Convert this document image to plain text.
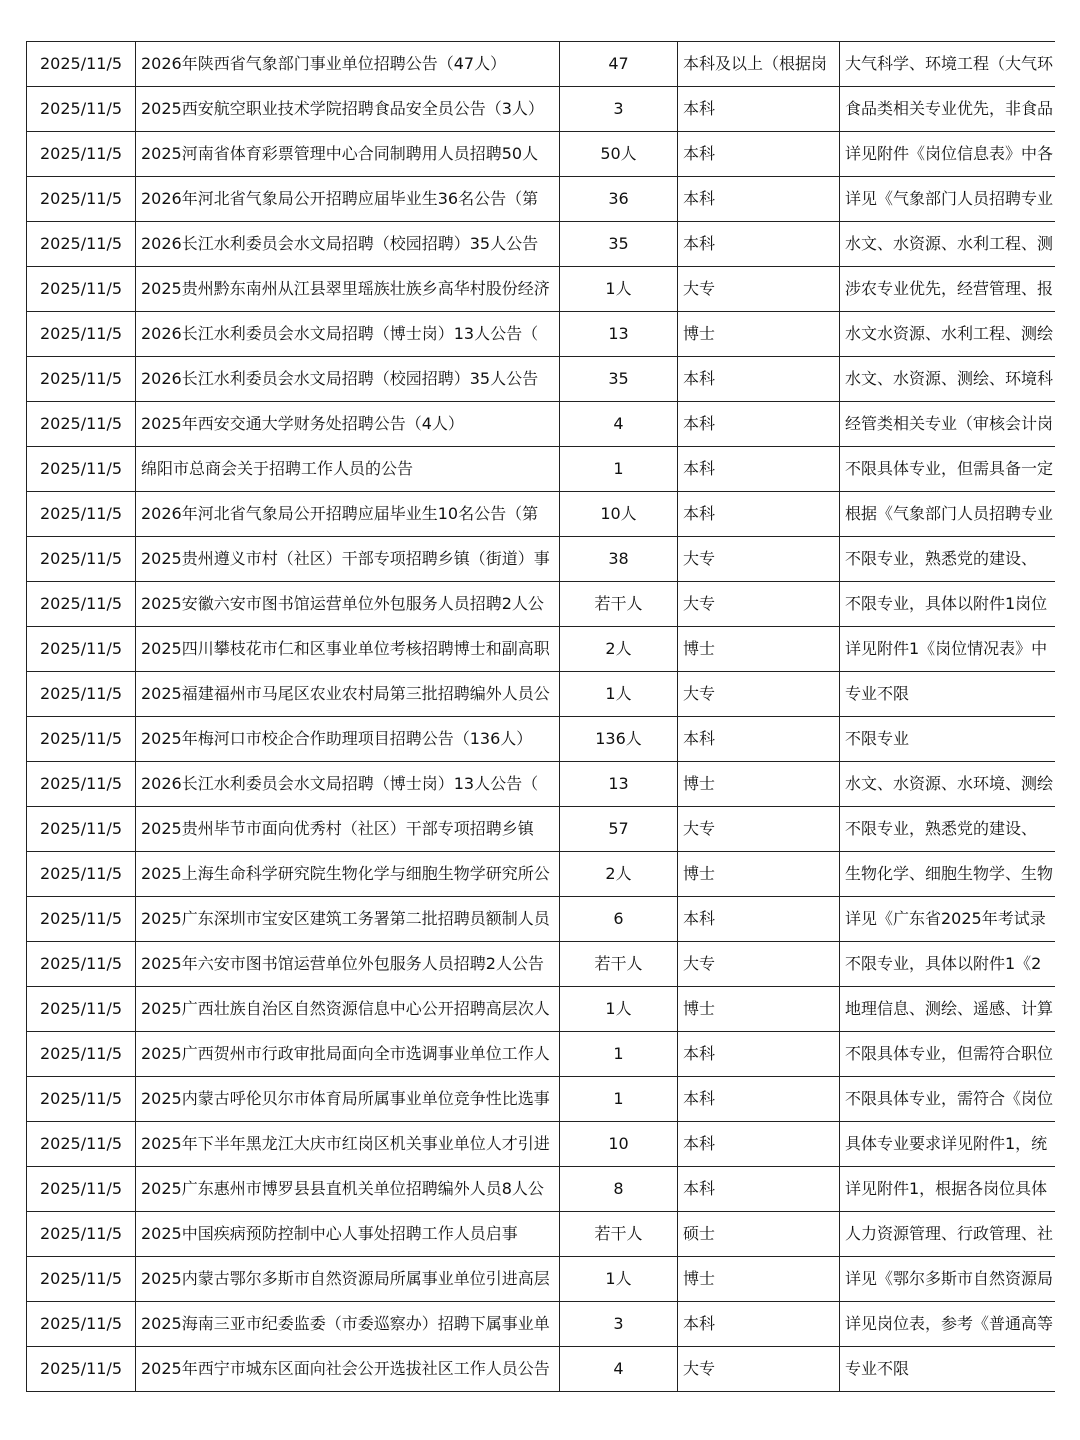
2025/11/5	2026年陕西省气象部门事业单位招聘公告（47人）	47	本科及以上（根据岗	大气科学、环境工程（大气环
2025/11/5	2025西安航空职业技术学院招聘食品安全员公告（3人）	3	本科	食品类相关专业优先，非食品
2025/11/5	2025河南省体育彩票管理中心合同制聘用人员招聘50人	50人	本科	详见附件《岗位信息表》中各
2025/11/5	2026年河北省气象局公开招聘应届毕业生36名公告（第	36	本科	详见《气象部门人员招聘专业
2025/11/5	2026长江水利委员会水文局招聘（校园招聘）35人公告	35	本科	水文、水资源、水利工程、测
2025/11/5	2025贵州黔东南州从江县翠里瑶族壮族乡高华村股份经济	1人	大专	涉农专业优先，经营管理、报
2025/11/5	2026长江水利委员会水文局招聘（博士岗）13人公告（	13	博士	水文水资源、水利工程、测绘
2025/11/5	2026长江水利委员会水文局招聘（校园招聘）35人公告	35	本科	水文、水资源、测绘、环境科
2025/11/5	2025年西安交通大学财务处招聘公告（4人）	4	本科	经管类相关专业（审核会计岗
2025/11/5	绵阳市总商会关于招聘工作人员的公告	1	本科	不限具体专业，但需具备一定
2025/11/5	2026年河北省气象局公开招聘应届毕业生10名公告（第	10人	本科	根据《气象部门人员招聘专业
2025/11/5	2025贵州遵义市村（社区）干部专项招聘乡镇（街道）事	38	大专	不限专业，熟悉党的建设、
2025/11/5	2025安徽六安市图书馆运营单位外包服务人员招聘2人公	若干人	大专	不限专业，具体以附件1岗位
2025/11/5	2025四川攀枝花市仁和区事业单位考核招聘博士和副高职	2人	博士	详见附件1《岗位情况表》中
2025/11/5	2025福建福州市马尾区农业农村局第三批招聘编外人员公	1人	大专	专业不限
2025/11/5	2025年梅河口市校企合作助理项目招聘公告（136人）	136人	本科	不限专业
2025/11/5	2026长江水利委员会水文局招聘（博士岗）13人公告（	13	博士	水文、水资源、水环境、测绘
2025/11/5	2025贵州毕节市面向优秀村（社区）干部专项招聘乡镇	57	大专	不限专业，熟悉党的建设、
2025/11/5	2025上海生命科学研究院生物化学与细胞生物学研究所公	2人	博士	生物化学、细胞生物学、生物
2025/11/5	2025广东深圳市宝安区建筑工务署第二批招聘员额制人员	6	本科	详见《广东省2025年考试录
2025/11/5	2025年六安市图书馆运营单位外包服务人员招聘2人公告	若干人	大专	不限专业，具体以附件1《2
2025/11/5	2025广西壮族自治区自然资源信息中心公开招聘高层次人	1人	博士	地理信息、测绘、遥感、计算
2025/11/5	2025广西贺州市行政审批局面向全市选调事业单位工作人	1	本科	不限具体专业，但需符合职位
2025/11/5	2025内蒙古呼伦贝尔市体育局所属事业单位竞争性比选事	1	本科	不限具体专业，需符合《岗位
2025/11/5	2025年下半年黑龙江大庆市红岗区机关事业单位人才引进	10	本科	具体专业要求详见附件1，统
2025/11/5	2025广东惠州市博罗县县直机关单位招聘编外人员8人公	8	本科	详见附件1，根据各岗位具体
2025/11/5	2025中国疾病预防控制中心人事处招聘工作人员启事	若干人	硕士	人力资源管理、行政管理、社
2025/11/5	2025内蒙古鄂尔多斯市自然资源局所属事业单位引进高层	1人	博士	详见《鄂尔多斯市自然资源局
2025/11/5	2025海南三亚市纪委监委（市委巡察办）招聘下属事业单	3	本科	详见岗位表，参考《普通高等
2025/11/5	2025年西宁市城东区面向社会公开选拔社区工作人员公告	4	大专	专业不限
